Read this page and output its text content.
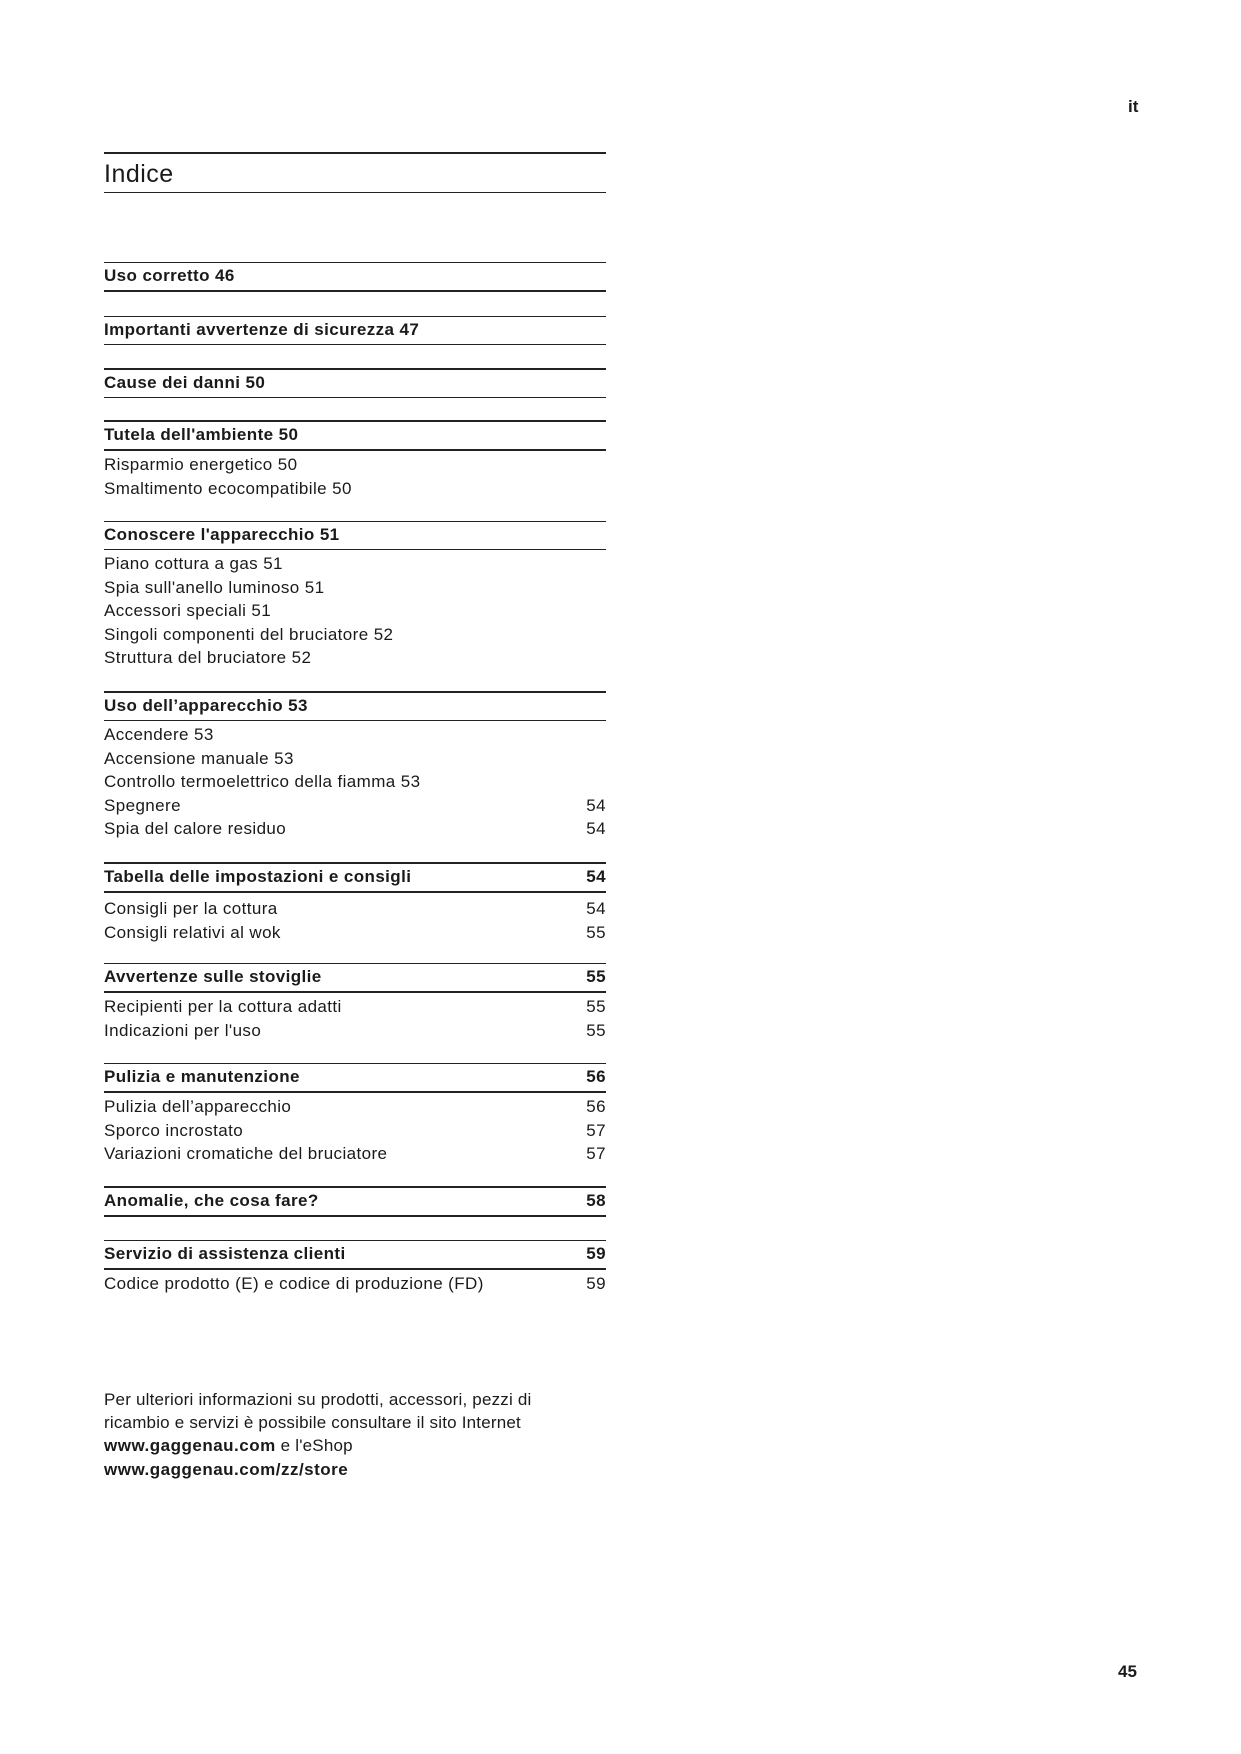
it
Indice
Uso corretto 46
Importanti avvertenze di sicurezza 47
Cause dei danni 50
Tutela dell'ambiente 50
Risparmio energetico 50
Smaltimento ecocompatibile 50
Conoscere l'apparecchio 51
Piano cottura a gas 51
Spia sull'anello luminoso 51
Accessori speciali 51
Singoli componenti del bruciatore 52
Struttura del bruciatore 52
Uso dell’apparecchio 53
Accendere 53
Accensione manuale 53
Controllo termoelettrico della fiamma 53
Spegnere	54
Spia del calore residuo	54
Tabella delle impostazioni e consigli	54
Consigli per la cottura	54
Consigli relativi al wok	55
Avvertenze sulle stoviglie	55
Recipienti per la cottura adatti	55
Indicazioni per l'uso	55
Pulizia e manutenzione	56
Pulizia dell’apparecchio	56
Sporco incrostato	57
Variazioni cromatiche del bruciatore	57
Anomalie, che cosa fare?	58
Servizio di assistenza clienti	59
Codice prodotto (E) e codice di produzione (FD)	59
Per ulteriori informazioni su prodotti, accessori, pezzi di
ricambio e servizi è possibile consultare il sito Internet
www.gaggenau.com e l'eShop
www.gaggenau.com/zz/store
45
